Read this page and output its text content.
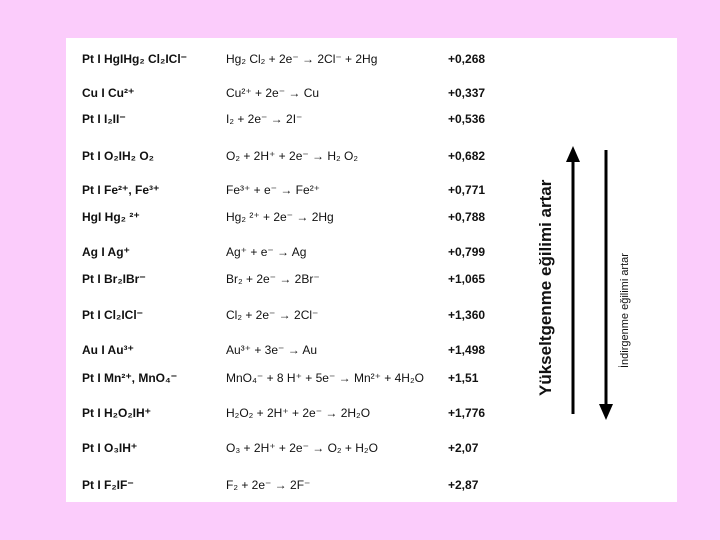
Pt I HgIHg₂ Cl₂ICl⁻	Hg₂ Cl₂ + 2e⁻ → 2Cl⁻ + 2Hg	+0,268
Cu I Cu²⁺	Cu²⁺ + 2e⁻ → Cu	+0,337
Pt I I₂II⁻	I₂ + 2e⁻ → 2I⁻	+0,536
Pt I O₂IH₂ O₂	O₂ + 2H⁺ + 2e⁻ → H₂ O₂	+0,682
Pt I Fe²⁺, Fe³⁺	Fe³⁺ + e⁻ → Fe²⁺	+0,771
HgI Hg₂ ²⁺	Hg₂ ²⁺ + 2e⁻ → 2Hg	+0,788
Ag I Ag⁺	Ag⁺ + e⁻ → Ag	+0,799
Pt I Br₂IBr⁻	Br₂ + 2e⁻ → 2Br⁻	+1,065
Pt I Cl₂ICl⁻	Cl₂ + 2e⁻ → 2Cl⁻	+1,360
Au I Au³⁺	Au³⁺ + 3e⁻ → Au	+1,498
Pt I Mn²⁺, MnO₄⁻	MnO₄⁻ + 8 H⁺ + 5e⁻ → Mn²⁺ + 4H₂O +1,51
Pt I H₂O₂IH⁺	H₂O₂ + 2H⁺ + 2e⁻ → 2H₂O	+1,776
Pt I O₃IH⁺	O₃ + 2H⁺ + 2e⁻ → O₂ + H₂O	+2,07
Pt I F₂IF⁻	F₂ + 2e⁻ → 2F⁻	+2,87
Yükseltgenme eğilimi artar	İndirgenme eğilimi artar
